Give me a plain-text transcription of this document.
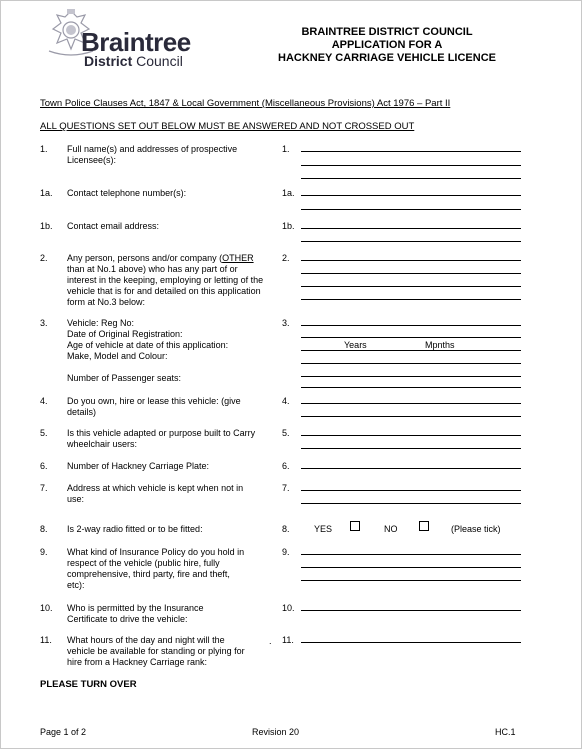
Braintree
District Council
BRAINTREE DISTRICT COUNCIL
APPLICATION FOR A
HACKNEY CARRIAGE VEHICLE LICENCE
Town Police Clauses Act, 1847 & Local Government (Miscellaneous Provisions) Act 1976 – Part II
ALL QUESTIONS SET OUT BELOW MUST BE ANSWERED AND NOT CROSSED OUT
1. Full name(s) and addresses of prospective Licensee(s):
1.
1a. Contact telephone number(s):	1a.
1b. Contact email address:	1b.
2. Any person, persons and/or company (OTHER than at No.1 above) who has any part of or interest in the keeping, employing or letting of the vehicle that is for and detailed on this application form at No.3 below:
2.
3. Vehicle: Reg No:
Date of Original Registration:
Age of vehicle at date of this application:
Make, Model and Colour:
Number of Passenger seats:
3.
Years	Mpnths
4. Do you own, hire or lease this vehicle: (give details)
4.
5. Is this vehicle adapted or purpose built to Carry wheelchair users:
5.
6. Number of Hackney Carriage Plate:	6.
7. Address at which vehicle is kept when not in use:
7.
8. Is 2-way radio fitted or to be fitted:	8.	YES	NO	(Please tick)
9. What kind of Insurance Policy do you hold in respect of the vehicle (public hire, fully comprehensive, third party, fire and theft, etc):
9.
10. Who is permitted by the Insurance Certificate to drive the vehicle:
10.
11. What hours of the day and night will the vehicle be available for standing or plying for hire from a Hackney Carriage rank:
. 11.
PLEASE TURN OVER
Page 1 of 2	Revision 20	HC.1
